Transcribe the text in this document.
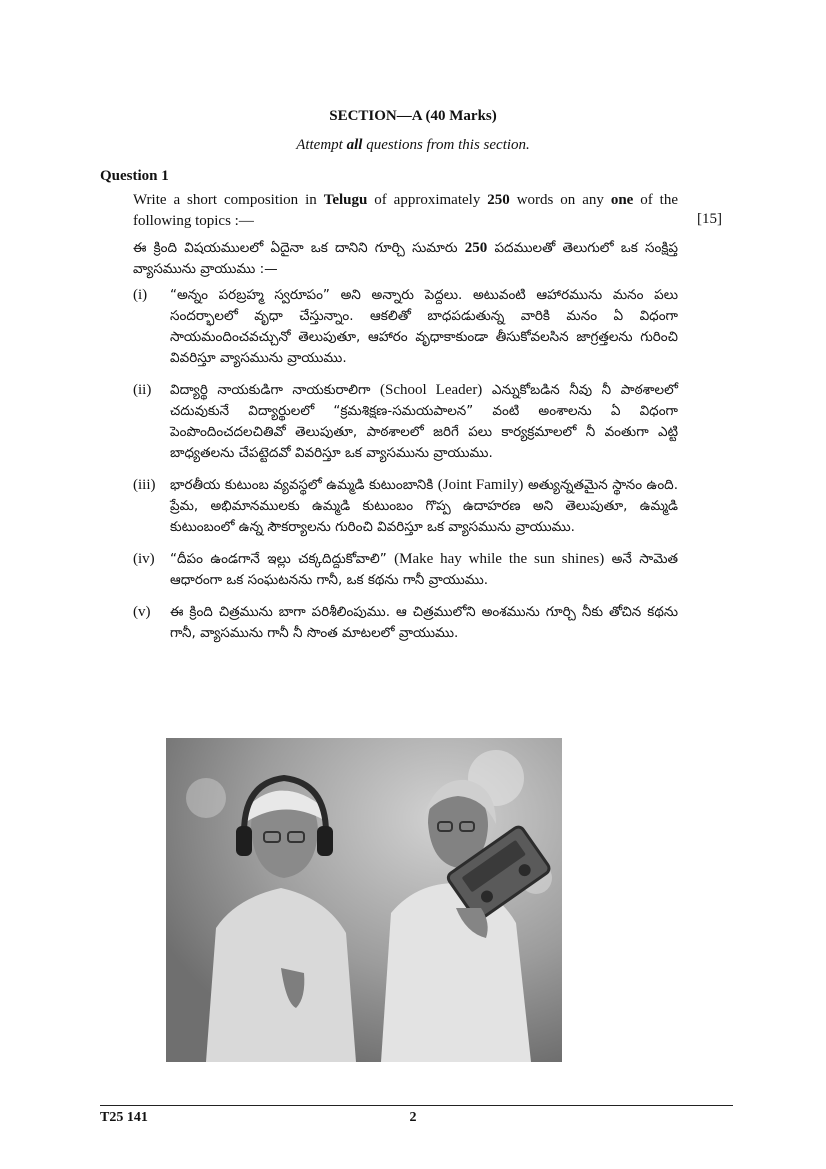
SECTION—A (40 Marks)
Attempt all questions from this section.
Question 1
Write a short composition in Telugu of approximately 250 words on any one of the following topics :—	[15]
ఈ క్రింది విషయములలో ఏదైనా ఒక దానిని గూర్చి సుమారు 250 పదములతో తెలుగులో ఒక సంక్షిప్త వ్యాసమును వ్రాయుము :—
(i) “అన్నం పరబ్రహ్మ స్వరూపం” అని అన్నారు పెద్దలు. అటువంటి ఆహారమును మనం పలు సందర్భాలలో వృధా చేస్తున్నాం. ఆకలితో బాధపడుతున్న వారికి మనం ఏ విధంగా సాయమందించవచ్చునో తెలుపుతూ, ఆహారం వృధాకాకుండా తీసుకోవలసిన జాగ్రత్తలను గురించి వివరిస్తూ వ్యాసమును వ్రాయుము.
(ii) విద్యార్థి నాయకుడిగా నాయకురాలిగా (School Leader) ఎన్నుకోబడిన నీవు నీ పాఠశాలలో చదువుకునే విద్యార్థులలో “క్రమశిక్షణ-సమయపాలన” వంటి అంశాలను ఏ విధంగా పెంపొందించదలచితివో తెలుపుతూ, పాఠశాలలో జరిగే పలు కార్యక్రమాలలో నీ వంతుగా ఎట్టి బాధ్యతలను చేపట్టెదవో వివరిస్తూ ఒక వ్యాసమును వ్రాయుము.
(iii) భారతీయ కుటుంబ వ్యవస్థలో ఉమ్మడి కుటుంబానికి (Joint Family) అత్యున్నతమైన స్థానం ఉంది. ప్రేమ, అభిమానములకు ఉమ్మడి కుటుంబం గొప్ప ఉదాహరణ అని తెలుపుతూ, ఉమ్మడి కుటుంబంలో ఉన్న సౌకర్యాలను గురించి వివరిస్తూ ఒక వ్యాసమును వ్రాయుము.
(iv) “దీపం ఉండగానే ఇల్లు చక్కదిద్దుకోవాలి” (Make hay while the sun shines) అనే సామెత ఆధారంగా ఒక సంఘటనను గానీ, ఒక కథను గానీ వ్రాయుము.
(v) ఈ క్రింది చిత్రమును బాగా పరిశీలింపుము. ఆ చిత్రములోని అంశమును గూర్చి నీకు తోచిన కథను గానీ, వ్యాసమును గానీ నీ సొంత మాటలలో వ్రాయుము.
T25 141	2
